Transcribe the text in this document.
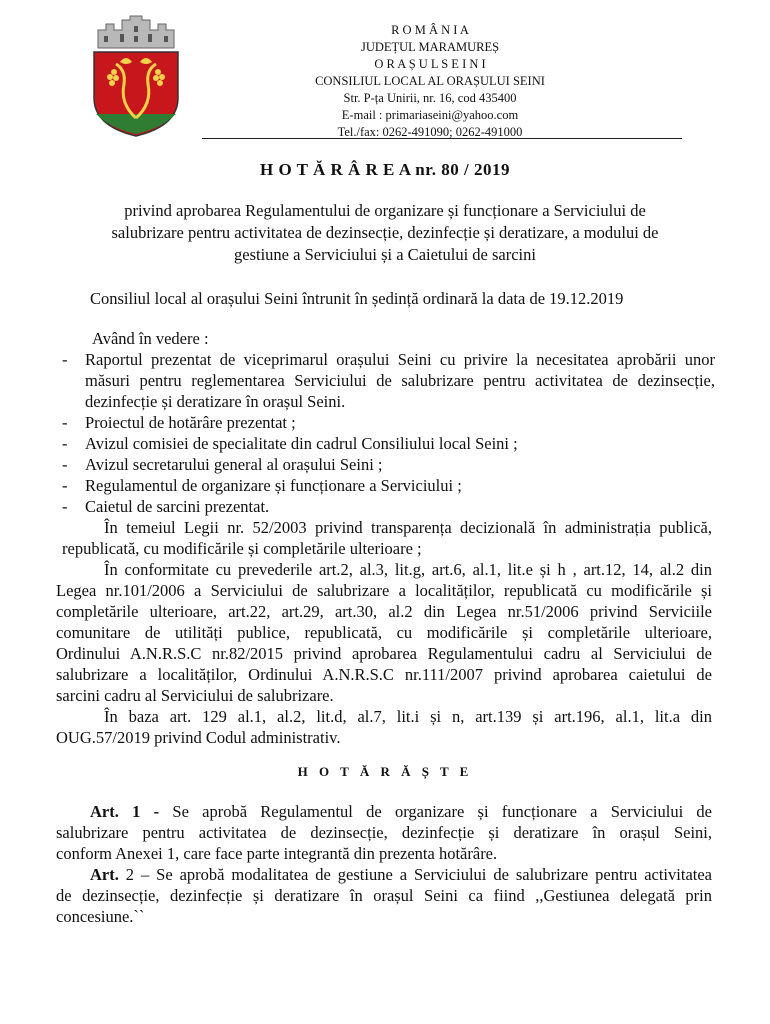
R O M Â N I A
JUDEȚUL MARAMUREȘ
O R A Ș U L S E I N I
CONSILIUL LOCAL AL ORAȘULUI SEINI
Str. P-ța Unirii, nr. 16, cod 435400
E-mail : primariaseini@yahoo.com
Tel./fax: 0262-491090; 0262-491000
H O T Ă R Â R E A nr. 80 / 2019
privind aprobarea Regulamentului de organizare și funcționare a Serviciului de salubrizare pentru activitatea de dezinsecție, dezinfecție și deratizare, a modului de gestiune a Serviciului și a Caietului de sarcini
Consiliul local al orașului Seini întrunit în ședință ordinară la data de 19.12.2019
Având în vedere :
- Raportul prezentat de viceprimarul orașului Seini cu privire la necesitatea aprobării unor măsuri pentru reglementarea Serviciului de salubrizare pentru activitatea de dezinsecție, dezinfecție și deratizare în orașul Seini.
- Proiectul de hotărâre prezentat ;
- Avizul comisiei de specialitate din cadrul Consiliului local Seini ;
- Avizul secretarului general al orașului Seini ;
- Regulamentul de organizare și funcționare a Serviciului ;
- Caietul de sarcini prezentat.
În temeiul Legii nr. 52/2003 privind transparența decizională în administrația publică,
republicată, cu modificările și completările ulterioare ;
În conformitate cu prevederile art.2, al.3, lit.g, art.6, al.1, lit.e și h , art.12, 14, al.2 din
Legea nr.101/2006 a Serviciului de salubrizare a localităților, republicată cu modificările și
completările ulterioare, art.22, art.29, art.30, al.2 din Legea nr.51/2006 privind Serviciile
comunitare de utilități publice, republicată, cu modificările și completările ulterioare,
Ordinului A.N.R.S.C nr.82/2015 privind aprobarea Regulamentului cadru al Serviciului de
salubrizare a localităților, Ordinului A.N.R.S.C nr.111/2007 privind aprobarea caietului de
sarcini cadru al Serviciului de salubrizare.
În baza art. 129 al.1, al.2, lit.d, al.7, lit.i și n, art.139 și art.196, al.1, lit.a din
OUG.57/2019 privind Codul administrativ.
H O T Ă R Ă Ș T E
Art. 1 - Se aprobă Regulamentul de organizare și funcționare a Serviciului de
salubrizare pentru activitatea de dezinsecție, dezinfecție și deratizare în orașul Seini,
conform Anexei 1, care face parte integrantă din prezenta hotărâre.
Art. 2 – Se aprobă modalitatea de gestiune a Serviciului de salubrizare pentru activitatea
de dezinsecție, dezinfecție și deratizare în orașul Seini ca fiind ,,Gestiunea delegată prin
concesiune.``
